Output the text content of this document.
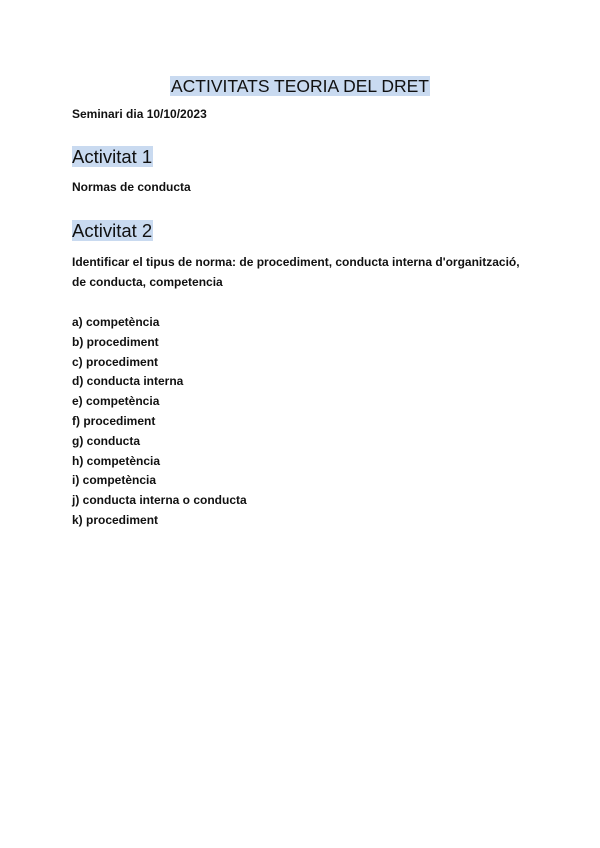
ACTIVITATS TEORIA DEL DRET
Seminari dia 10/10/2023
Activitat 1
Normas de conducta
Activitat 2
Identificar el tipus de norma: de procediment, conducta interna d'organització,
de conducta, competencia
a) competència
b) procediment
c) procediment
d) conducta interna
e) competència
f) procediment
g) conducta
h) competència
i) competència
j) conducta interna o conducta
k) procediment
